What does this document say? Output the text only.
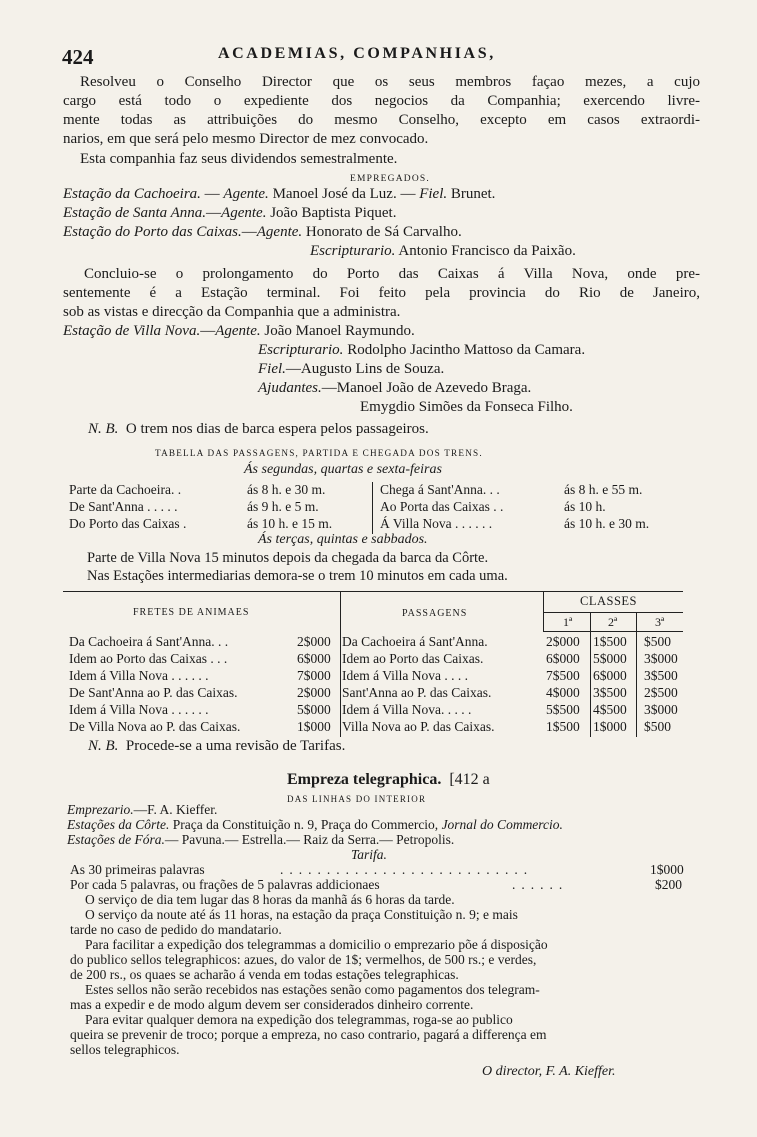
424	ACADEMIAS, COMPANHIAS,
Resolveu o Conselho Director que os seus membros façao mezes, a cujo
cargo está todo o expediente dos negocios da Companhia; exercendo livre-
mente todas as attribuições do mesmo Conselho, excepto em casos extraordi-
narios, em que será pelo mesmo Director de mez convocado.
Esta companhia faz seus dividendos semestralmente.
EMPREGADOS.
Estação da Cachoeira. — Agente. Manoel José da Luz. — Fiel. Brunet.
Estação de Santa Anna.—Agente. João Baptista Piquet.
Estação do Porto das Caixas.—Agente. Honorato de Sá Carvalho.
Escripturario. Antonio Francisco da Paixão.
Concluio-se o prolongamento do Porto das Caixas á Villa Nova, onde pre-
sentemente é a Estação terminal. Foi feito pela provincia do Rio de Janeiro,
sob as vistas e direcção da Companhia que a administra.
Estação de Villa Nova.—Agente. João Manoel Raymundo.
Escripturario. Rodolpho Jacintho Mattoso da Camara.
Fiel.—Augusto Lins de Souza.
Ajudantes.—Manoel João de Azevedo Braga.
Emygdio Simões da Fonseca Filho.
N. B. O trem nos dias de barca espera pelos passageiros.
TABELLA DAS PASSAGENS, PARTIDA E CHEGADA DOS TRENS.
Ás segundas, quartas e sexta-feiras
Parte da Cachoeira. .	ás 8 h. e 30 m.
De Sant'Anna . . . . .	ás 9 h. e 5 m.
Do Porto das Caixas .	ás 10 h. e 15 m.
Chega á Sant'Anna. . .	ás 8 h. e 55 m.
Ao Porta das Caixas . .	ás 10 h.
Á Villa Nova . . . . . .	ás 10 h. e 30 m.
Ás terças, quintas e sabbados.
Parte de Villa Nova 15 minutos depois da chegada da barca da Côrte.
Nas Estações intermediarias demora-se o trem 10 minutos em cada uma.
FRETES DE ANIMAES	PASSAGENS
CLASSES
1ª	2ª	3ª
Da Cachoeira á Sant'Anna. . .	2$000 Da Cachoeira á Sant'Anna.	2$000 1$500 $500
Idem ao Porto das Caixas . . .	6$000 Idem ao Porto das Caixas.	6$000 5$000 3$000
Idem á Villa Nova . . . . . .	7$000 Idem á Villa Nova . . . .	7$500 6$000 3$500
De Sant'Anna ao P. das Caixas.	2$000 Sant'Anna ao P. das Caixas.	4$000 3$500 2$500
Idem á Villa Nova . . . . . .	5$000 Idem á Villa Nova. . . . .	5$500 4$500 3$000
De Villa Nova ao P. das Caixas.	1$000 Villa Nova ao P. das Caixas.	1$500 1$000 $500
N. B. Procede-se a uma revisão de Tarifas.
Empreza telegraphica. [412 a
DAS LINHAS DO INTERIOR
Emprezario.—F. A. Kieffer.
Estações da Côrte. Praça da Constituição n. 9, Praça do Commercio, Jornal do Commercio.
Estações de Fóra.— Pavuna.— Estrella.— Raiz da Serra.— Petropolis.
Tarifa.
As 30 primeiras palavras	...........................	1$000
Por cada 5 palavras, ou frações de 5 palavras addicionaes	......	$200
O serviço de dia tem lugar das 8 horas da manhã ás 6 horas da tarde.
O serviço da noute até ás 11 horas, na estação da praça Constituição n. 9; e mais
tarde no caso de pedido do mandatario.
Para facilitar a expedição dos telegrammas a domicilio o emprezario põe á disposição
do publico sellos telegraphicos: azues, do valor de 1$; vermelhos, de 500 rs.; e verdes,
de 200 rs., os quaes se acharão á venda em todas estações telegraphicas.
Estes sellos não serão recebidos nas estações senão como pagamentos dos telegram-
mas a expedir e de modo algum devem ser considerados dinheiro corrente.
Para evitar qualquer demora na expedição dos telegrammas, roga-se ao publico
queira se prevenir de troco; porque a empreza, no caso contrario, pagará a differença em
sellos telegraphicos.
O director, F. A. Kieffer.
